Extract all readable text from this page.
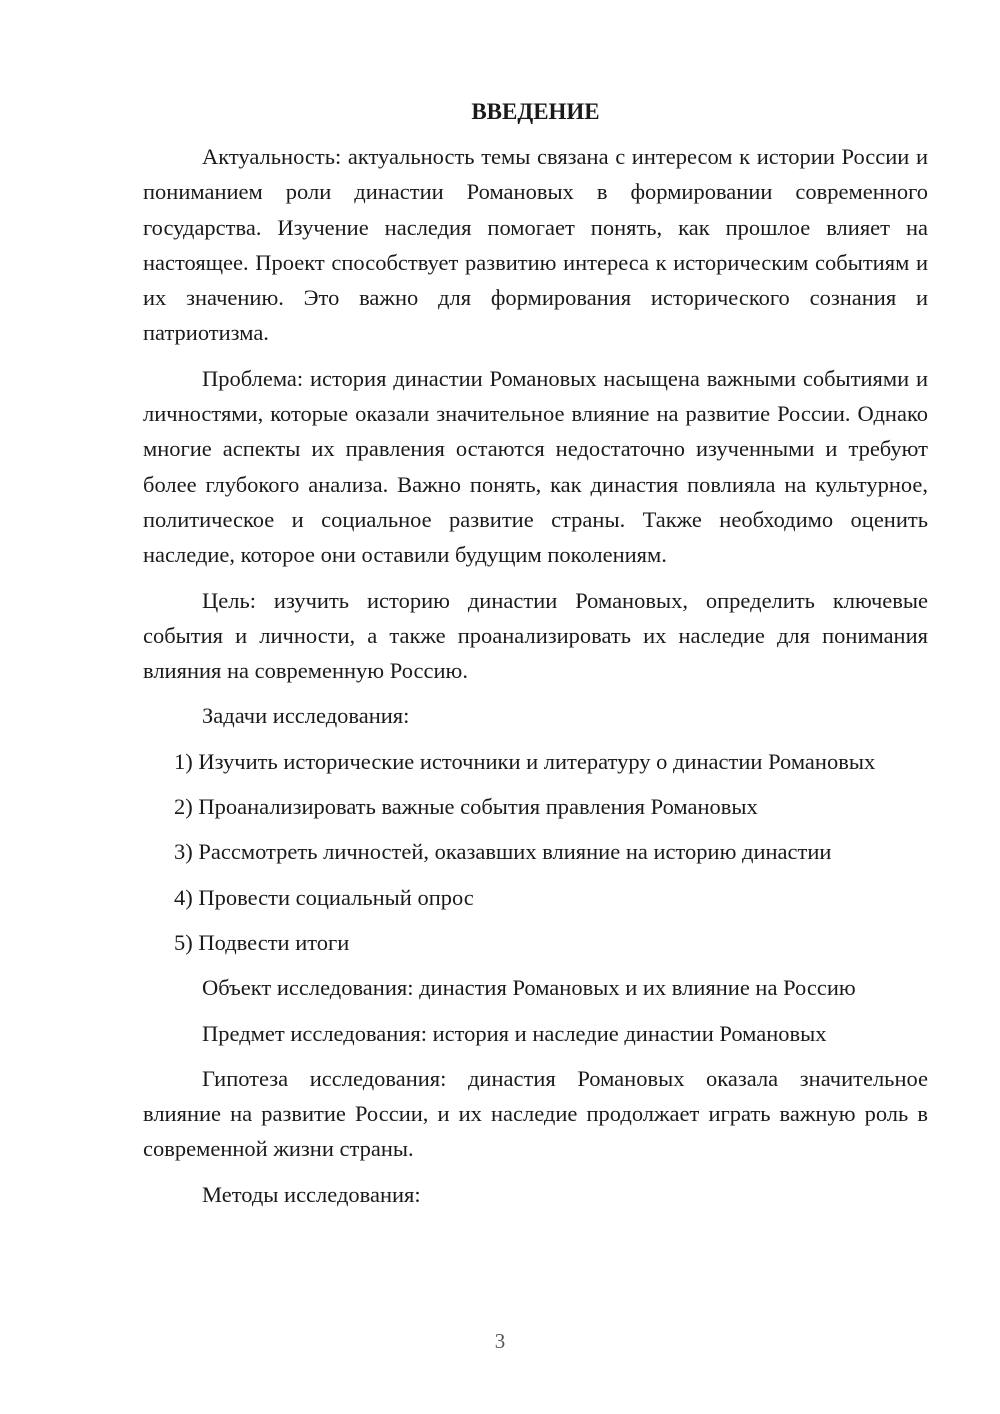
ВВЕДЕНИЕ

Актуальность: актуальность темы связана с интересом к истории России и пониманием роли династии Романовых в формировании современного государства. Изучение наследия помогает понять, как прошлое влияет на настоящее. Проект способствует развитию интереса к историческим событиям и их значению. Это важно для формирования исторического сознания и патриотизма.

Проблема: история династии Романовых насыщена важными событиями и личностями, которые оказали значительное влияние на развитие России. Однако многие аспекты их правления остаются недостаточно изученными и требуют более глубокого анализа. Важно понять, как династия повлияла на культурное, политическое и социальное развитие страны. Также необходимо оценить наследие, которое они оставили будущим поколениям.

Цель: изучить историю династии Романовых, определить ключевые события и личности, а также проанализировать их наследие для понимания влияния на современную Россию.

Задачи исследования:

1) Изучить исторические источники и литературу о династии Романовых

2) Проанализировать важные события правления Романовых

3) Рассмотреть личностей, оказавших влияние на историю династии

4) Провести социальный опрос

5) Подвести итоги

Объект исследования: династия Романовых и их влияние на Россию

Предмет исследования: история и наследие династии Романовых

Гипотеза исследования: династия Романовых оказала значительное влияние на развитие России, и их наследие продолжает играть важную роль в современной жизни страны.

Методы исследования:

3
